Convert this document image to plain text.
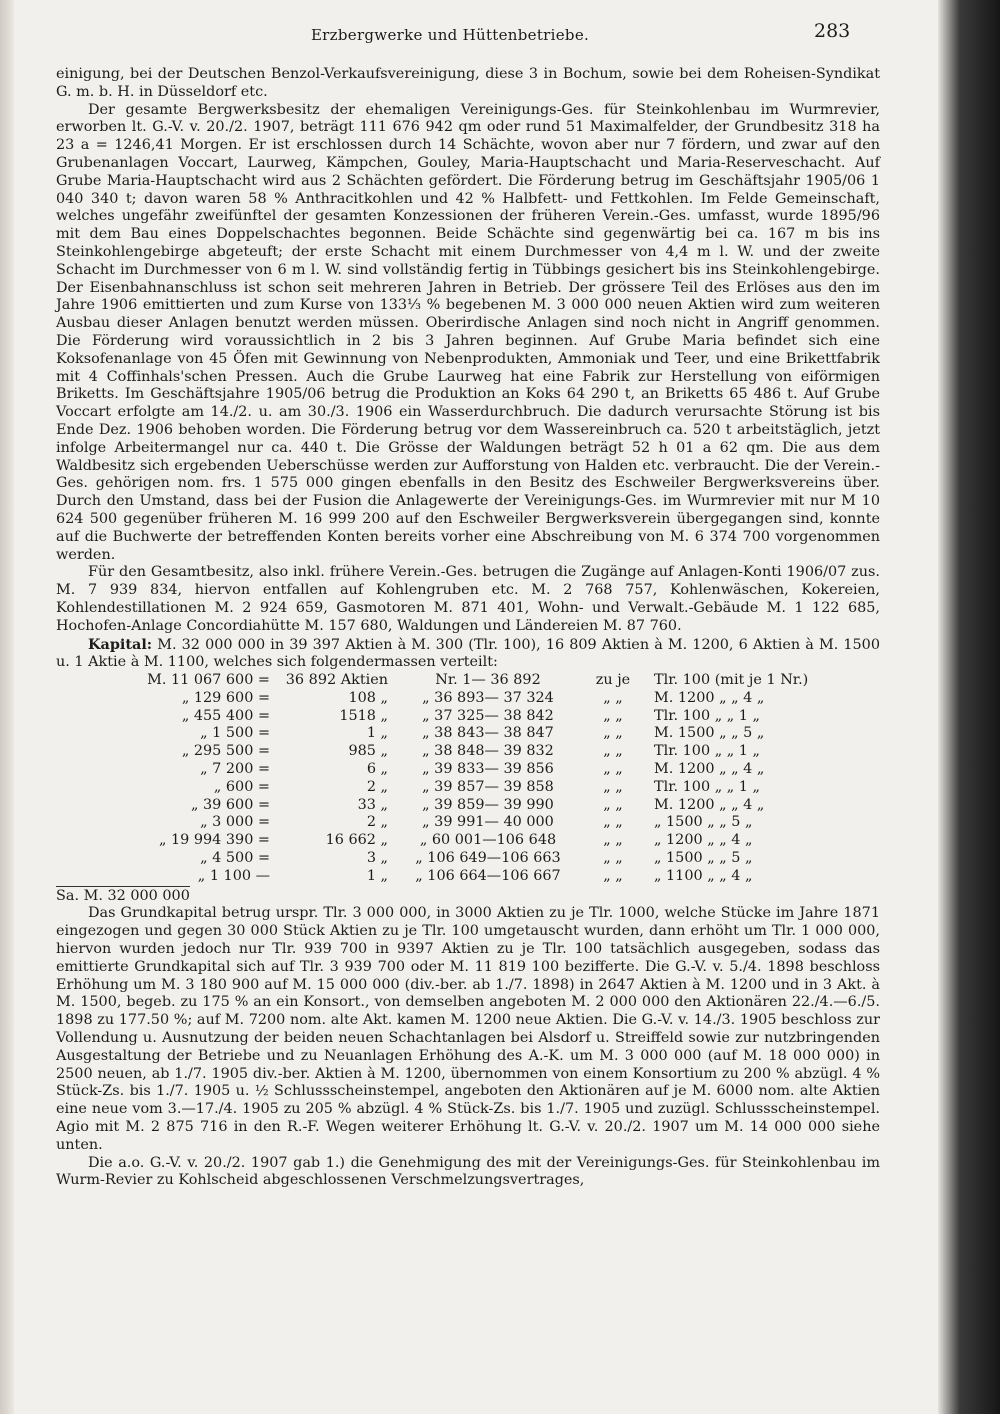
Erzbergwerke und Hüttenbetriebe.	283

einigung, bei der Deutschen Benzol-Verkaufsvereinigung, diese 3 in Bochum, sowie bei dem Roheisen-Syndikat G. m. b. H. in Düsseldorf etc.

Der gesamte Bergwerksbesitz der ehemaligen Vereinigungs-Ges. für Steinkohlenbau im Wurmrevier, erworben lt. G.-V. v. 20./2. 1907, beträgt 111 676 942 qm oder rund 51 Maximalfelder, der Grundbesitz 318 ha 23 a = 1246,41 Morgen. Er ist erschlossen durch 14 Schächte, wovon aber nur 7 fördern, und zwar auf den Grubenanlagen Voccart, Laurweg, Kämpchen, Gouley, Maria-Hauptschacht und Maria-Reserveschacht. Auf Grube Maria-Hauptschacht wird aus 2 Schächten gefördert. Die Förderung betrug im Geschäftsjahr 1905/06 1 040 340 t; davon waren 58 % Anthracitkohlen und 42 % Halbfett- und Fettkohlen. Im Felde Gemeinschaft, welches ungefähr zweifünftel der gesamten Konzessionen der früheren Verein.-Ges. umfasst, wurde 1895/96 mit dem Bau eines Doppelschachtes begonnen. Beide Schächte sind gegenwärtig bei ca. 167 m bis ins Steinkohlengebirge abgeteuft; der erste Schacht mit einem Durchmesser von 4,4 m l. W. und der zweite Schacht im Durchmesser von 6 m l. W. sind vollständig fertig in Tübbings gesichert bis ins Steinkohlengebirge. Der Eisenbahnanschluss ist schon seit mehreren Jahren in Betrieb. Der grössere Teil des Erlöses aus den im Jahre 1906 emittierten und zum Kurse von 133⅓ % begebenen M. 3 000 000 neuen Aktien wird zum weiteren Ausbau dieser Anlagen benutzt werden müssen. Oberirdische Anlagen sind noch nicht in Angriff genommen. Die Förderung wird voraussichtlich in 2 bis 3 Jahren beginnen. Auf Grube Maria befindet sich eine Koksofenanlage von 45 Öfen mit Gewinnung von Nebenprodukten, Ammoniak und Teer, und eine Brikettfabrik mit 4 Coffinhals'schen Pressen. Auch die Grube Laurweg hat eine Fabrik zur Herstellung von eiförmigen Briketts. Im Geschäftsjahre 1905/06 betrug die Produktion an Koks 64 290 t, an Briketts 65 486 t. Auf Grube Voccart erfolgte am 14./2. u. am 30./3. 1906 ein Wasserdurchbruch. Die dadurch verursachte Störung ist bis Ende Dez. 1906 behoben worden. Die Förderung betrug vor dem Wassereinbruch ca. 520 t arbeitstäglich, jetzt infolge Arbeitermangel nur ca. 440 t. Die Grösse der Waldungen beträgt 52 h 01 a 62 qm. Die aus dem Waldbesitz sich ergebenden Ueberschüsse werden zur Aufforstung von Halden etc. verbraucht. Die der Verein.-Ges. gehörigen nom. frs. 1 575 000 gingen ebenfalls in den Besitz des Eschweiler Bergwerksvereins über. Durch den Umstand, dass bei der Fusion die Anlagewerte der Vereinigungs-Ges. im Wurmrevier mit nur M 10 624 500 gegenüber früheren M. 16 999 200 auf den Eschweiler Bergwerksverein übergegangen sind, konnte auf die Buchwerte der betreffenden Konten bereits vorher eine Abschreibung von M. 6 374 700 vorgenommen werden.

Für den Gesamtbesitz, also inkl. frühere Verein.-Ges. betrugen die Zugänge auf Anlagen-Konti 1906/07 zus. M. 7 939 834, hiervon entfallen auf Kohlengruben etc. M. 2 768 757, Kohlenwäschen, Kokereien, Kohlendestillationen M. 2 924 659, Gasmotoren M. 871 401, Wohn- und Verwalt.-Gebäude M. 1 122 685, Hochofen-Anlage Concordiahütte M. 157 680, Waldungen und Ländereien M. 87 760.

Kapital: M. 32 000 000 in 39 397 Aktien à M. 300 (Tlr. 100), 16 809 Aktien à M. 1200, 6 Aktien à M. 1500 u. 1 Aktie à M. 1100, welches sich folgendermassen verteilt:

M. 11 067 600 =	36 892 Aktien	Nr. 1— 36 892	zu je	Tlr. 100 (mit je 1 Nr.)
„ 129 600 =	108 „	„ 36 893— 37 324	„ „	M. 1200 „ „ 4 „
„ 455 400 =	1518 „	„ 37 325— 38 842	„ „	Tlr. 100 „ „ 1 „
„ 1 500 =	1 „	„ 38 843— 38 847	„ „	M. 1500 „ „ 5 „
„ 295 500 =	985 „	„ 38 848— 39 832	„ „	Tlr. 100 „ „ 1 „
„ 7 200 =	6 „	„ 39 833— 39 856	„ „	M. 1200 „ „ 4 „
„ 600 =	2 „	„ 39 857— 39 858	„ „	Tlr. 100 „ „ 1 „
„ 39 600 =	33 „	„ 39 859— 39 990	„ „	M. 1200 „ „ 4 „
„ 3 000 =	2 „	„ 39 991— 40 000	„ „	„ 1500 „ „ 5 „
„ 19 994 390 =	16 662 „	„ 60 001—106 648	„ „	„ 1200 „ „ 4 „
„ 4 500 =	3 „	„ 106 649—106 663	„ „	„ 1500 „ „ 5 „
„ 1 100 —	1 „	„ 106 664—106 667	„ „	„ 1100 „ „ 4 „

Sa. M. 32 000 000

Das Grundkapital betrug urspr. Tlr. 3 000 000, in 3000 Aktien zu je Tlr. 1000, welche Stücke im Jahre 1871 eingezogen und gegen 30 000 Stück Aktien zu je Tlr. 100 umgetauscht wurden, dann erhöht um Tlr. 1 000 000, hiervon wurden jedoch nur Tlr. 939 700 in 9397 Aktien zu je Tlr. 100 tatsächlich ausgegeben, sodass das emittierte Grundkapital sich auf Tlr. 3 939 700 oder M. 11 819 100 bezifferte. Die G.-V. v. 5./4. 1898 beschloss Erhöhung um M. 3 180 900 auf M. 15 000 000 (div.-ber. ab 1./7. 1898) in 2647 Aktien à M. 1200 und in 3 Akt. à M. 1500, begeb. zu 175 % an ein Konsort., von demselben angeboten M. 2 000 000 den Aktionären 22./4.—6./5. 1898 zu 177.50 %; auf M. 7200 nom. alte Akt. kamen M. 1200 neue Aktien. Die G.-V. v. 14./3. 1905 beschloss zur Vollendung u. Ausnutzung der beiden neuen Schachtanlagen bei Alsdorf u. Streiffeld sowie zur nutzbringenden Ausgestaltung der Betriebe und zu Neuanlagen Erhöhung des A.-K. um M. 3 000 000 (auf M. 18 000 000) in 2500 neuen, ab 1./7. 1905 div.-ber. Aktien à M. 1200, übernommen von einem Konsortium zu 200 % abzügl. 4 % Stück-Zs. bis 1./7. 1905 u. ½ Schlussscheinstempel, angeboten den Aktionären auf je M. 6000 nom. alte Aktien eine neue vom 3.—17./4. 1905 zu 205 % abzügl. 4 % Stück-Zs. bis 1./7. 1905 und zuzügl. Schlussscheinstempel. Agio mit M. 2 875 716 in den R.-F. Wegen weiterer Erhöhung lt. G.-V. v. 20./2. 1907 um M. 14 000 000 siehe unten.

Die a.o. G.-V. v. 20./2. 1907 gab 1.) die Genehmigung des mit der Vereinigungs-Ges. für Steinkohlenbau im Wurm-Revier zu Kohlscheid abgeschlossenen Verschmelzungsvertrages,
